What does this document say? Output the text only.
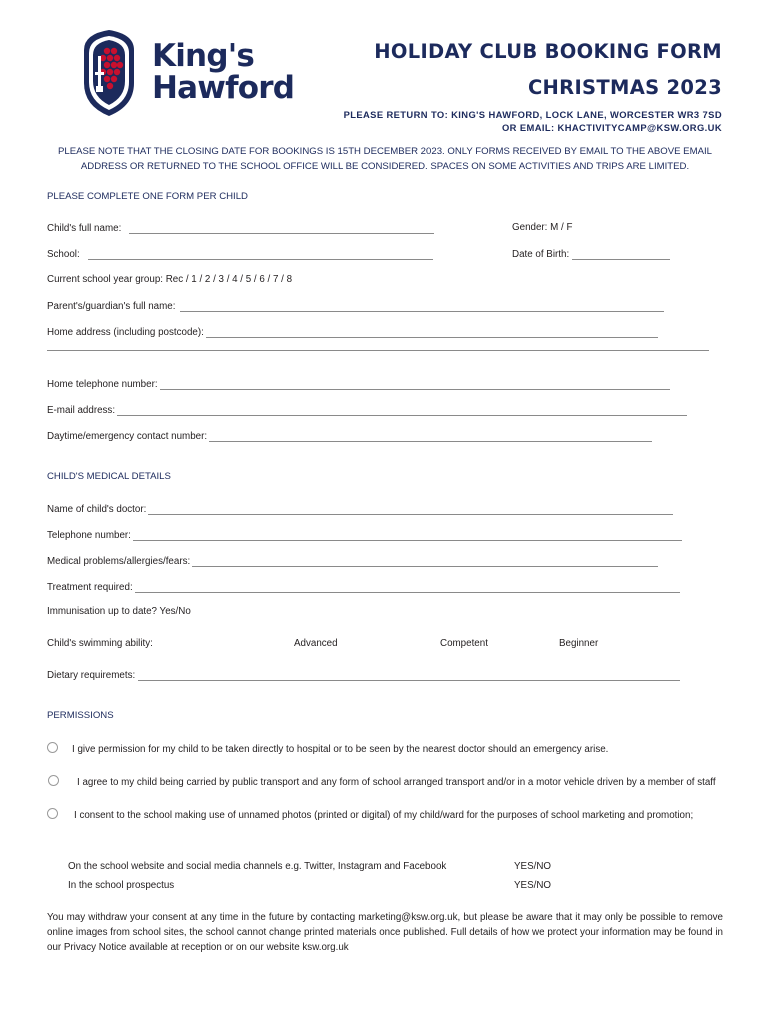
King's
Hawford
HOLIDAY CLUB BOOKING FORM
CHRISTMAS 2023
PLEASE RETURN TO: KING'S HAWFORD, LOCK LANE, WORCESTER WR3 7SD
OR EMAIL: KHACTIVITYCAMP@KSW.ORG.UK
PLEASE NOTE THAT THE CLOSING DATE FOR BOOKINGS IS 15TH DECEMBER 2023. ONLY FORMS RECEIVED BY EMAIL TO THE ABOVE EMAIL ADDRESS OR RETURNED TO THE SCHOOL OFFICE WILL BE CONSIDERED. SPACES ON SOME ACTIVITIES AND TRIPS ARE LIMITED.
PLEASE COMPLETE ONE FORM PER CHILD
Child's full name:	Gender: M / F
School:	Date of Birth:
Current school year group: Rec / 1 / 2 / 3 / 4 / 5 / 6 / 7 / 8
Parent's/guardian's full name:
Home address (including postcode):
Home telephone number:
E-mail address:
Daytime/emergency contact number:
CHILD'S MEDICAL DETAILS
Name of child's doctor:
Telephone number:
Medical problems/allergies/fears:
Treatment required:
Immunisation up to date? Yes/No
Child's swimming ability:	Advanced	Competent	Beginner
Dietary requiremets:
PERMISSIONS
I give permission for my child to be taken directly to hospital or to be seen by the nearest doctor should an emergency arise.
I agree to my child being carried by public transport and any form of school arranged transport and/or in a motor vehicle driven by a member of staff
I consent to the school making use of unnamed photos (printed or digital) of my child/ward for the purposes of school marketing and promotion;
On the school website and social media channels e.g. Twitter, Instagram and Facebook	YES/NO
In the school prospectus	YES/NO
You may withdraw your consent at any time in the future by contacting marketing@ksw.org.uk, but please be aware that it may only be possible to remove online images from school sites, the school cannot change printed materials once published. Full details of how we protect your information may be found in our Privacy Notice available at reception or on our website ksw.org.uk
